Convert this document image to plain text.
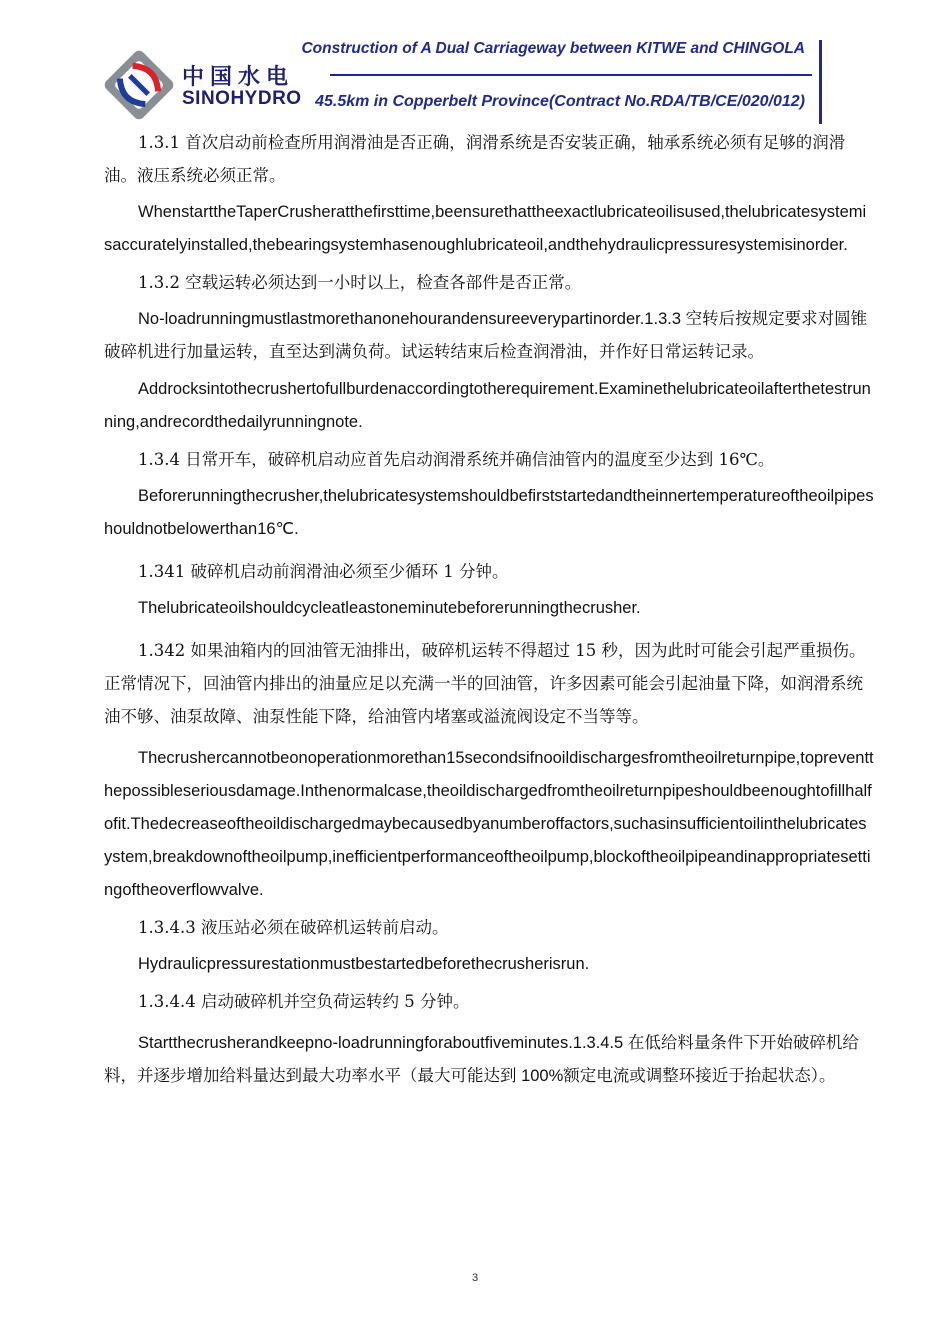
中国水电
SINOHYDRO
Construction of A Dual Carriageway between KITWE and CHINGOLA
45.5km in Copperbelt Province(Contract No.RDA/TB/CE/020/012)

1.3.1 首次启动前检查所用润滑油是否正确，润滑系统是否安装正确，轴承系统必须有足够的润滑油。液压系统必须正常。

WhenstarttheTaperCrusheratthefirsttime,beensurethattheexactlubricateoilisused,thelubricatesystemisaccuratelyinstalled,thebearingsystemhasenoughlubricateoil,andthehydraulicpressuresystemisinorder.

1.3.2 空载运转必须达到一小时以上，检查各部件是否正常。

No-loadrunningmustlastmorethanonehourandensureeverypartinorder.1.3.3 空转后按规定要求对圆锥破碎机进行加量运转，直至达到满负荷。试运转结束后检查润滑油，并作好日常运转记录。

Addrocksintothecrushertofullburdenaccordingtotherequirement.Examinethelubricateoilafterthetestrunning,andrecordthedailyrunningnote.

1.3.4 日常开车，破碎机启动应首先启动润滑系统并确信油管内的温度至少达到 16℃。

Beforerunningthecrusher,thelubricatesystemshouldbefirststartedandtheinnertemperatureoftheoilpipeshouldnotbelowerthan16℃.

1.341 破碎机启动前润滑油必须至少循环 1 分钟。

Thelubricateoilshouldcycleatleastoneminutebeforerunningthecrusher.

1.342 如果油箱内的回油管无油排出，破碎机运转不得超过 15 秒，因为此时可能会引起严重损伤。正常情况下，回油管内排出的油量应足以充满一半的回油管，许多因素可能会引起油量下降，如润滑系统油不够、油泵故障、油泵性能下降，给油管内堵塞或溢流阀设定不当等等。

Thecrushercannotbeonoperationmorethan15secondsifnooildischargesfromtheoilreturnpipe,topreventthepossibleseriousdamage.Inthenormalcase,theoildischargedfromtheoilreturnpipeshouldbeenoughtofillhalfofit.Thedecreaseoftheoildischargedmaybecausedbyanumberoffactors,suchasinsufficientoilinthelubricatesystem,breakdownoftheoilpump,inefficientperformanceoftheoilpump,blockoftheoilpipeandinappropriatesettingoftheoverflowvalve.

1.3.4.3 液压站必须在破碎机运转前启动。

Hydraulicpressurestationmustbestartedbeforethecrusherisrun.

1.3.4.4 启动破碎机并空负荷运转约 5 分钟。

Startthecrusherandkeepno-loadrunningforaboutfiveminutes.1.3.4.5 在低给料量条件下开始破碎机给料，并逐步增加给料量达到最大功率水平（最大可能达到 100%额定电流或调整环接近于抬起状态）。

3
